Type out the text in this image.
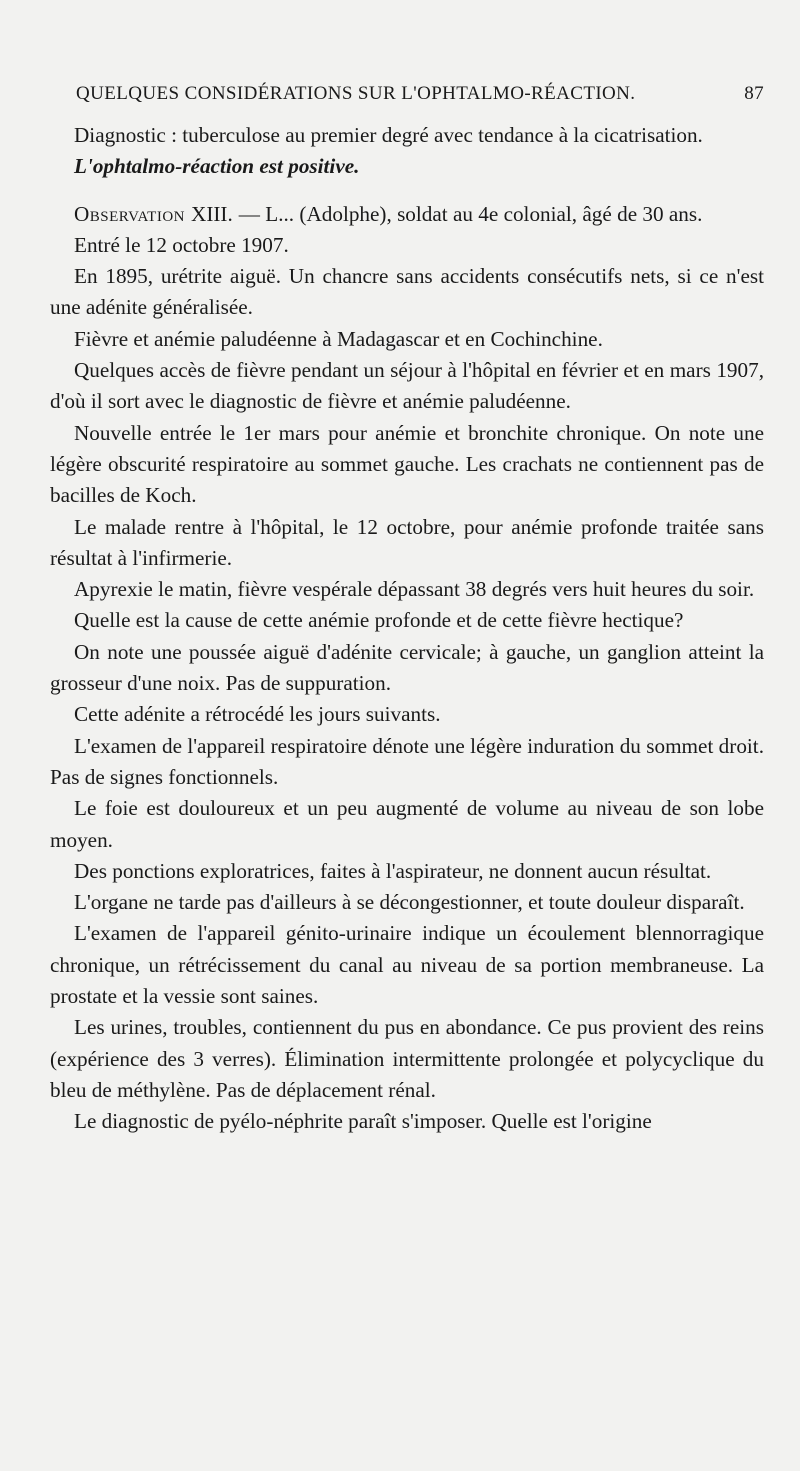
QUELQUES CONSIDÉRATIONS SUR L'OPHTALMO-RÉACTION.	87

Diagnostic : tuberculose au premier degré avec tendance à la cicatrisation.

L'ophtalmo-réaction est positive.

Observation XIII. — L... (Adolphe), soldat au 4e colonial, âgé de 30 ans.

Entré le 12 octobre 1907.

En 1895, urétrite aiguë. Un chancre sans accidents consécutifs nets, si ce n'est une adénite généralisée.

Fièvre et anémie paludéenne à Madagascar et en Cochinchine.

Quelques accès de fièvre pendant un séjour à l'hôpital en février et en mars 1907, d'où il sort avec le diagnostic de fièvre et anémie paludéenne.

Nouvelle entrée le 1er mars pour anémie et bronchite chronique. On note une légère obscurité respiratoire au sommet gauche. Les crachats ne contiennent pas de bacilles de Koch.

Le malade rentre à l'hôpital, le 12 octobre, pour anémie profonde traitée sans résultat à l'infirmerie.

Apyrexie le matin, fièvre vespérale dépassant 38 degrés vers huit heures du soir.

Quelle est la cause de cette anémie profonde et de cette fièvre hectique?

On note une poussée aiguë d'adénite cervicale; à gauche, un ganglion atteint la grosseur d'une noix. Pas de suppuration.

Cette adénite a rétrocédé les jours suivants.

L'examen de l'appareil respiratoire dénote une légère induration du sommet droit. Pas de signes fonctionnels.

Le foie est douloureux et un peu augmenté de volume au niveau de son lobe moyen.

Des ponctions exploratrices, faites à l'aspirateur, ne donnent aucun résultat.

L'organe ne tarde pas d'ailleurs à se décongestionner, et toute douleur disparaît.

L'examen de l'appareil génito-urinaire indique un écoulement blennorragique chronique, un rétrécissement du canal au niveau de sa portion membraneuse. La prostate et la vessie sont saines.

Les urines, troubles, contiennent du pus en abondance. Ce pus provient des reins (expérience des 3 verres). Élimination intermittente prolongée et polycyclique du bleu de méthylène. Pas de déplacement rénal.

Le diagnostic de pyélo-néphrite paraît s'imposer. Quelle est l'origine
